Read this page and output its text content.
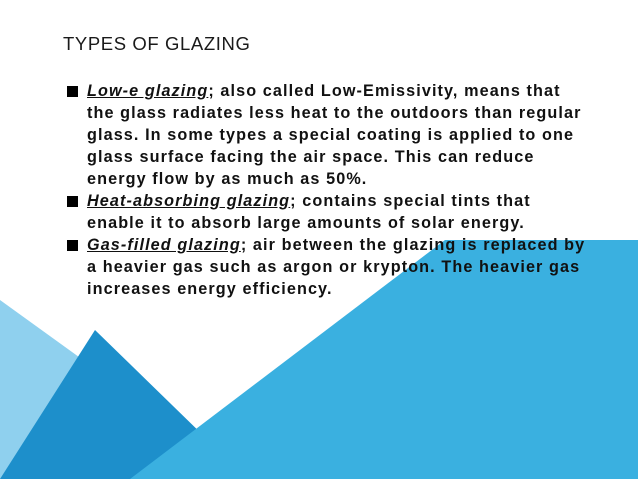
TYPES OF GLAZING
Low-e glazing; also called Low-Emissivity, means that the glass radiates less heat to the outdoors than regular glass. In some types a special coating is applied to one glass surface facing the air space. This can reduce energy flow by as much as 50%.
Heat-absorbing glazing; contains special tints that enable it to absorb large amounts of solar energy.
Gas-filled glazing; air between the glazing is replaced by a heavier gas such as argon or krypton. The heavier gas increases energy efficiency.
